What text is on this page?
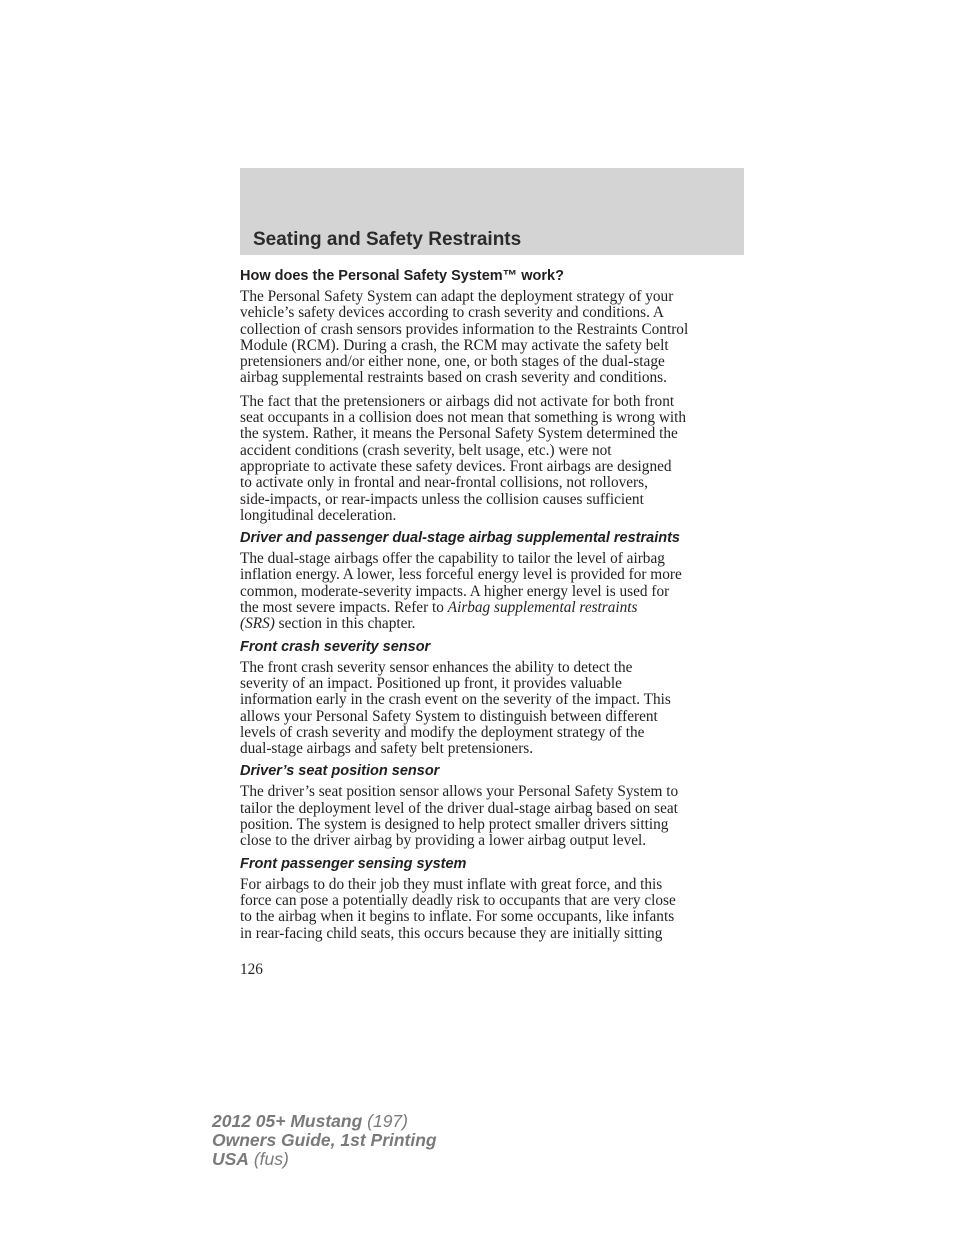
Seating and Safety Restraints
How does the Personal Safety System™ work?

The Personal Safety System can adapt the deployment strategy of your
vehicle’s safety devices according to crash severity and conditions. A
collection of crash sensors provides information to the Restraints Control
Module (RCM). During a crash, the RCM may activate the safety belt
pretensioners and/or either none, one, or both stages of the dual-stage
airbag supplemental restraints based on crash severity and conditions.

The fact that the pretensioners or airbags did not activate for both front
seat occupants in a collision does not mean that something is wrong with
the system. Rather, it means the Personal Safety System determined the
accident conditions (crash severity, belt usage, etc.) were not
appropriate to activate these safety devices. Front airbags are designed
to activate only in frontal and near-frontal collisions, not rollovers,
side-impacts, or rear-impacts unless the collision causes sufficient
longitudinal deceleration.

Driver and passenger dual-stage airbag supplemental restraints

The dual-stage airbags offer the capability to tailor the level of airbag
inflation energy. A lower, less forceful energy level is provided for more
common, moderate-severity impacts. A higher energy level is used for
the most severe impacts. Refer to Airbag supplemental restraints
(SRS) section in this chapter.

Front crash severity sensor

The front crash severity sensor enhances the ability to detect the
severity of an impact. Positioned up front, it provides valuable
information early in the crash event on the severity of the impact. This
allows your Personal Safety System to distinguish between different
levels of crash severity and modify the deployment strategy of the
dual-stage airbags and safety belt pretensioners.

Driver’s seat position sensor

The driver’s seat position sensor allows your Personal Safety System to
tailor the deployment level of the driver dual-stage airbag based on seat
position. The system is designed to help protect smaller drivers sitting
close to the driver airbag by providing a lower airbag output level.

Front passenger sensing system

For airbags to do their job they must inflate with great force, and this
force can pose a potentially deadly risk to occupants that are very close
to the airbag when it begins to inflate. For some occupants, like infants
in rear-facing child seats, this occurs because they are initially sitting

126
2012 05+ Mustang (197)
Owners Guide, 1st Printing
USA (fus)
